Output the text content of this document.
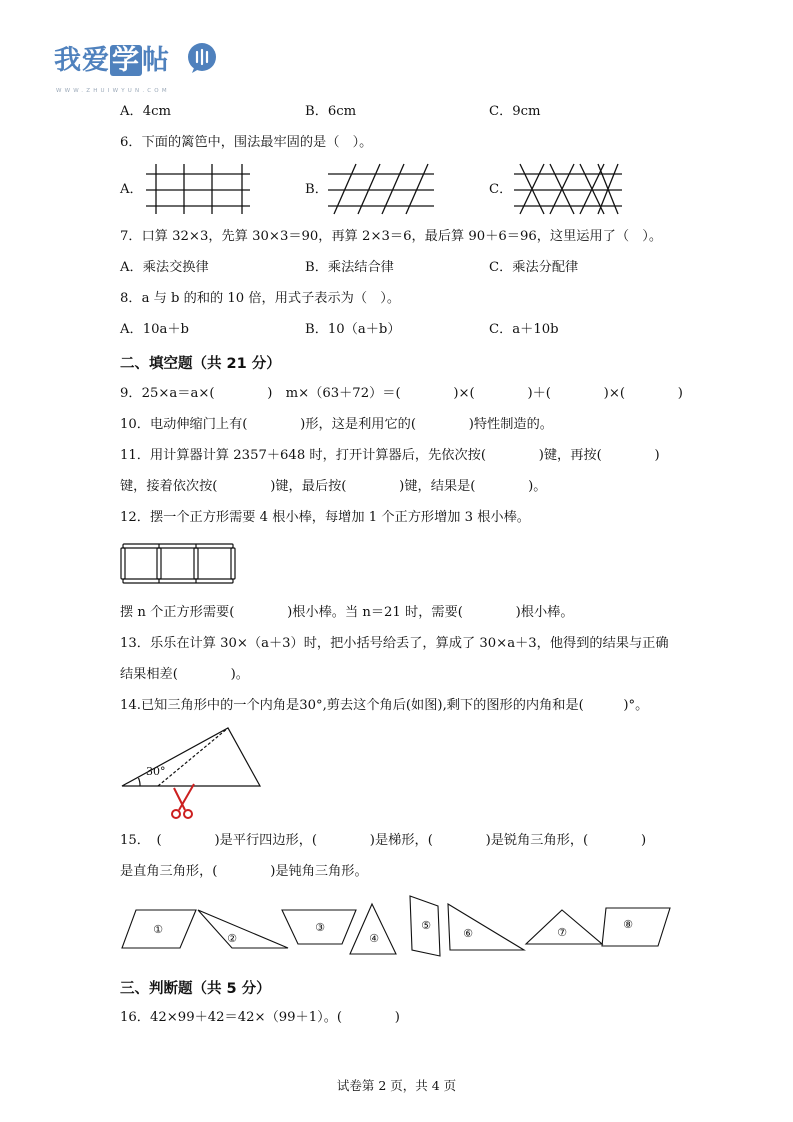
我爱学帖
WWW.ZHUIWYUN.COM
A．4cm	B．6cm	C．9cm
6．下面的篱笆中，围法最牢固的是（　）。
A．	B．	C．
7．口算 32×3，先算 30×3＝90，再算 2×3＝6，最后算 90＋6＝96，这里运用了（　）。
A．乘法交换律	B．乘法结合律	C．乘法分配律
8．a 与 b 的和的 10 倍，用式子表示为（　）。
A．10a＋b	B．10（a＋b）	C．a＋10b
二、填空题（共 21 分）
9．25×a＝a×(　　　　)　m×（63＋72）＝(　　　　)×(　　　　)＋(　　　　)×(　　　　)
10．电动伸缩门上有(　　　　)形，这是利用它的(　　　　)特性制造的。
11．用计算器计算 2357＋648 时，打开计算器后，先依次按(　　　　)键，再按(　　　　)
键，接着依次按(　　　　)键，最后按(　　　　)键，结果是(　　　　)。
12．摆一个正方形需要 4 根小棒，每增加 1 个正方形增加 3 根小棒。
摆 n 个正方形需要(　　　　)根小棒。当 n＝21 时，需要(　　　　)根小棒。
13．乐乐在计算 30×（a＋3）时，把小括号给丢了，算成了 30×a＋3，他得到的结果与正确
结果相差(　　　　)。
14.已知三角形中的一个内角是30°,剪去这个角后(如图),剩下的图形的内角和是(　　　)°。
30°
15．　(　　　　)是平行四边形，(　　　　)是梯形，(　　　　)是锐角三角形，(　　　　)
是直角三角形，(　　　　)是钝角三角形。
①
②
③
④
⑤
⑥	⑦
⑧
三、判断题（共 5 分）
16．42×99＋42＝42×（99＋1）。(　　　　)
试卷第 2 页，共 4 页
